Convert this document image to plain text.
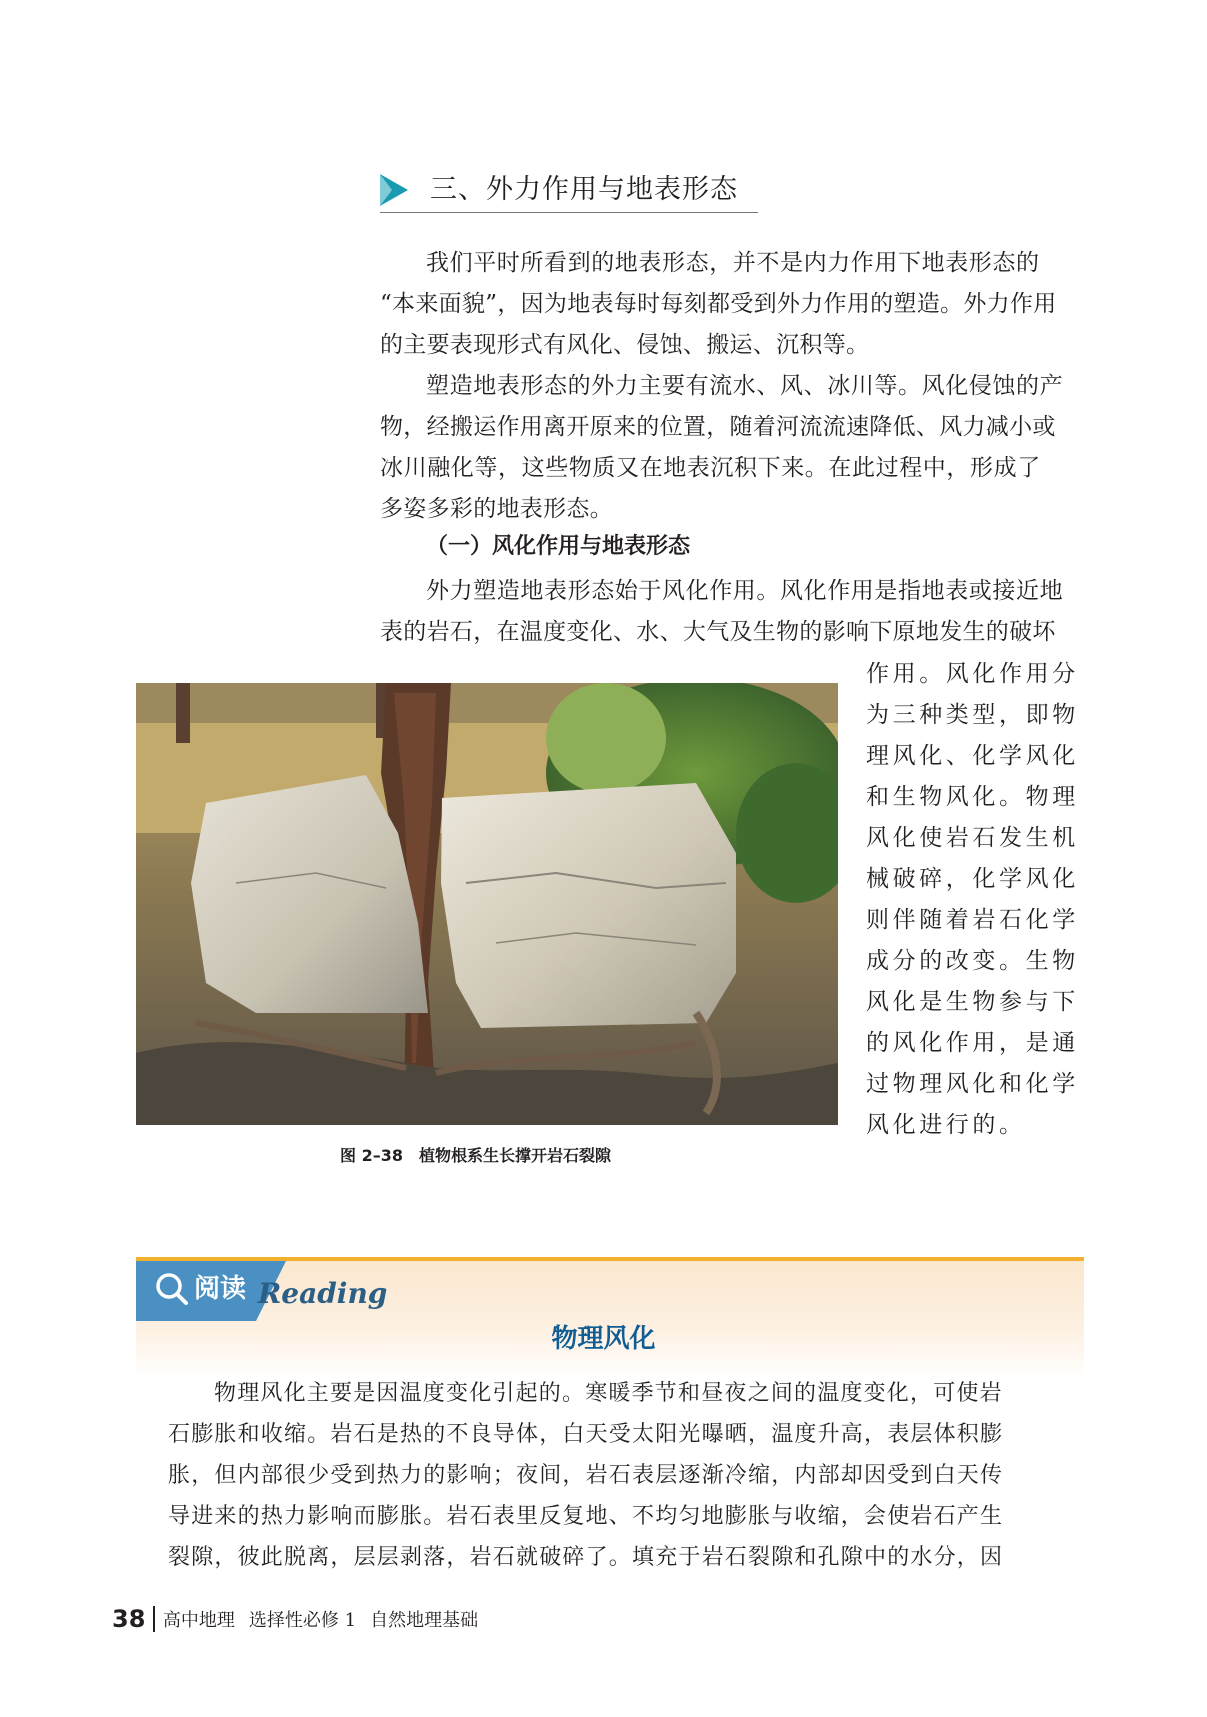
三、外力作用与地表形态
我们平时所看到的地表形态，并不是内力作用下地表形态的
“本来面貌”，因为地表每时每刻都受到外力作用的塑造。外力作用
的主要表现形式有风化、侵蚀、搬运、沉积等。
塑造地表形态的外力主要有流水、风、冰川等。风化侵蚀的产
物，经搬运作用离开原来的位置，随着河流流速降低、风力减小或
冰川融化等，这些物质又在地表沉积下来。在此过程中，形成了
多姿多彩的地表形态。
（一）风化作用与地表形态
外力塑造地表形态始于风化作用。风化作用是指地表或接近地
表的岩石，在温度变化、水、大气及生物的影响下原地发生的破坏
图 2–38 植物根系生长撑开岩石裂隙
作用。风化作用分
为三种类型，即物
理风化、化学风化
和生物风化。物理
风化使岩石发生机
械破碎，化学风化
则伴随着岩石化学
成分的改变。生物
风化是生物参与下
的风化作用，是通
过物理风化和化学
风化进行的。
阅读 Reading
物理风化
物理风化主要是因温度变化引起的。寒暖季节和昼夜之间的温度变化，可使岩
石膨胀和收缩。岩石是热的不良导体，白天受太阳光曝晒，温度升高，表层体积膨
胀，但内部很少受到热力的影响；夜间，岩石表层逐渐冷缩，内部却因受到白天传
导进来的热力影响而膨胀。岩石表里反复地、不均匀地膨胀与收缩，会使岩石产生
裂隙，彼此脱离，层层剥落，岩石就破碎了。填充于岩石裂隙和孔隙中的水分，因
38 高中地理 选择性必修 1 自然地理基础
